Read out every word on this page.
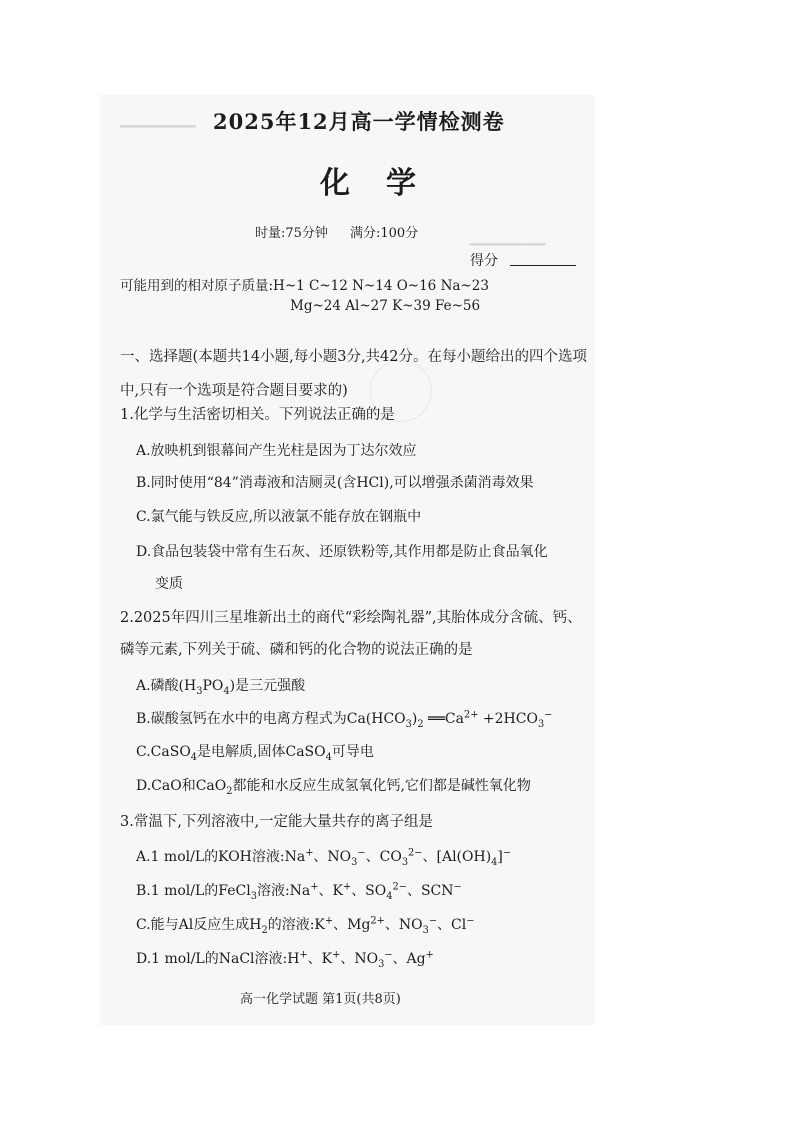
▁▁▁▁▁▁▁
▁▁▁▁▁▁▁
2025年12月高一学情检测卷
化学
时量:75分钟 满分:100分
得分
可能用到的相对原子质量:H~1 C~12 N~14 O~16 Na~23
Mg~24 Al~27 K~39 Fe~56
一、选择题(本题共14小题,每小题3分,共42分。在每小题给出的四个选项中,只有一个选项是符合题目要求的)
1.化学与生活密切相关。下列说法正确的是
A.放映机到银幕间产生光柱是因为丁达尔效应
B.同时使用“84”消毒液和洁厕灵(含HCl),可以增强杀菌消毒效果
C.氯气能与铁反应,所以液氯不能存放在钢瓶中
D.食品包装袋中常有生石灰、还原铁粉等,其作用都是防止食品氧化
变质
2.2025年四川三星堆新出土的商代“彩绘陶礼器”,其胎体成分含硫、钙、
磷等元素,下列关于硫、磷和钙的化合物的说法正确的是
A.磷酸$(H_3PO_4)$是三元强酸
B.碳酸氢钙在水中的电离方程式为$Ca(HCO_3)_2$ $══Ca^{2+} +2HCO_3^-$
C.CaSO$_4$是电解质,固体CaSO$_4$可导电
D.CaO和CaO$_2$都能和水反应生成氢氧化钙,它们都是碱性氧化物
3.常温下,下列溶液中,一定能大量共存的离子组是
A.1 mol/L的KOH溶液:Na+、$NO_3^-$、$CO_3^{2-}$、$[Al(OH)_4]^-$
B.1 mol/L的FeCl$_3$溶液:Na+、K+、$SO_4^{2-}$、SCN−
C.能与Al反应生成$H_2$的溶液:K+、$Mg^{2+}$、$NO_3^-$、Cl−
D.1 mol/L的NaCl溶液:H+、K+、$NO_3^-$、Ag+
高一化学试题 第1页(共8页)
